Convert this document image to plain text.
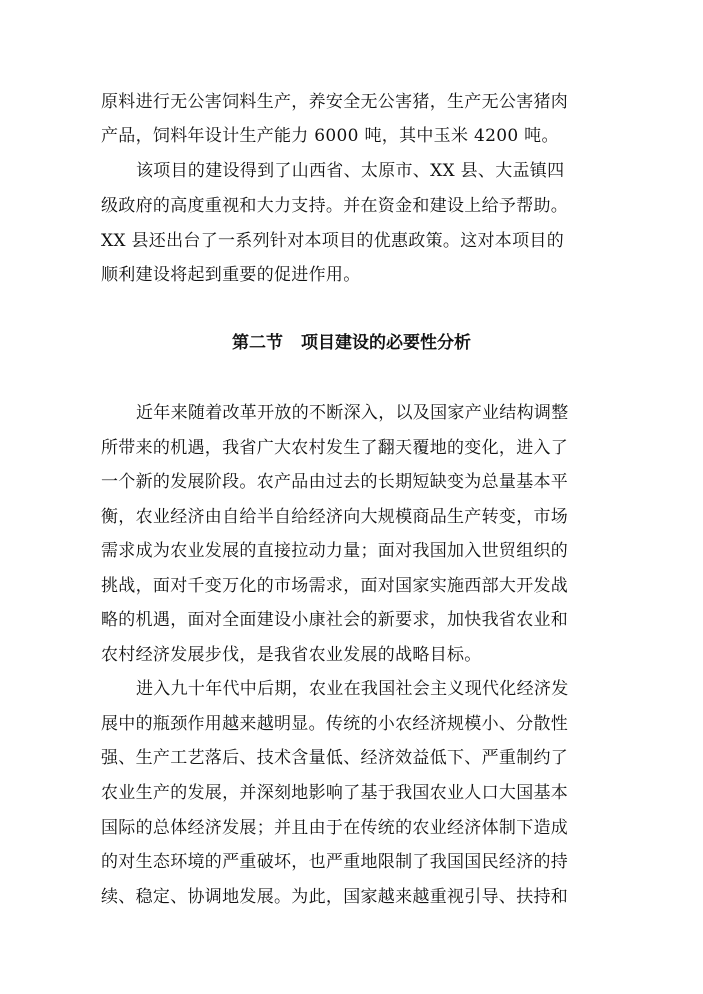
原料进行无公害饲料生产，养安全无公害猪，生产无公害猪肉
产品，饲料年设计生产能力 6000 吨，其中玉米 4200 吨。
该项目的建设得到了山西省、太原市、XX 县、大盂镇四
级政府的高度重视和大力支持。并在资金和建设上给予帮助。
XX 县还出台了一系列针对本项目的优惠政策。这对本项目的
顺利建设将起到重要的促进作用。
第二节 项目建设的必要性分析
近年来随着改革开放的不断深入，以及国家产业结构调整
所带来的机遇，我省广大农村发生了翻天覆地的变化，进入了
一个新的发展阶段。农产品由过去的长期短缺变为总量基本平
衡，农业经济由自给半自给经济向大规模商品生产转变，市场
需求成为农业发展的直接拉动力量；面对我国加入世贸组织的
挑战，面对千变万化的市场需求，面对国家实施西部大开发战
略的机遇，面对全面建设小康社会的新要求，加快我省农业和
农村经济发展步伐，是我省农业发展的战略目标。
进入九十年代中后期，农业在我国社会主义现代化经济发
展中的瓶颈作用越来越明显。传统的小农经济规模小、分散性
强、生产工艺落后、技术含量低、经济效益低下、严重制约了
农业生产的发展，并深刻地影响了基于我国农业人口大国基本
国际的总体经济发展；并且由于在传统的农业经济体制下造成
的对生态环境的严重破坏，也严重地限制了我国国民经济的持
续、稳定、协调地发展。为此，国家越来越重视引导、扶持和
